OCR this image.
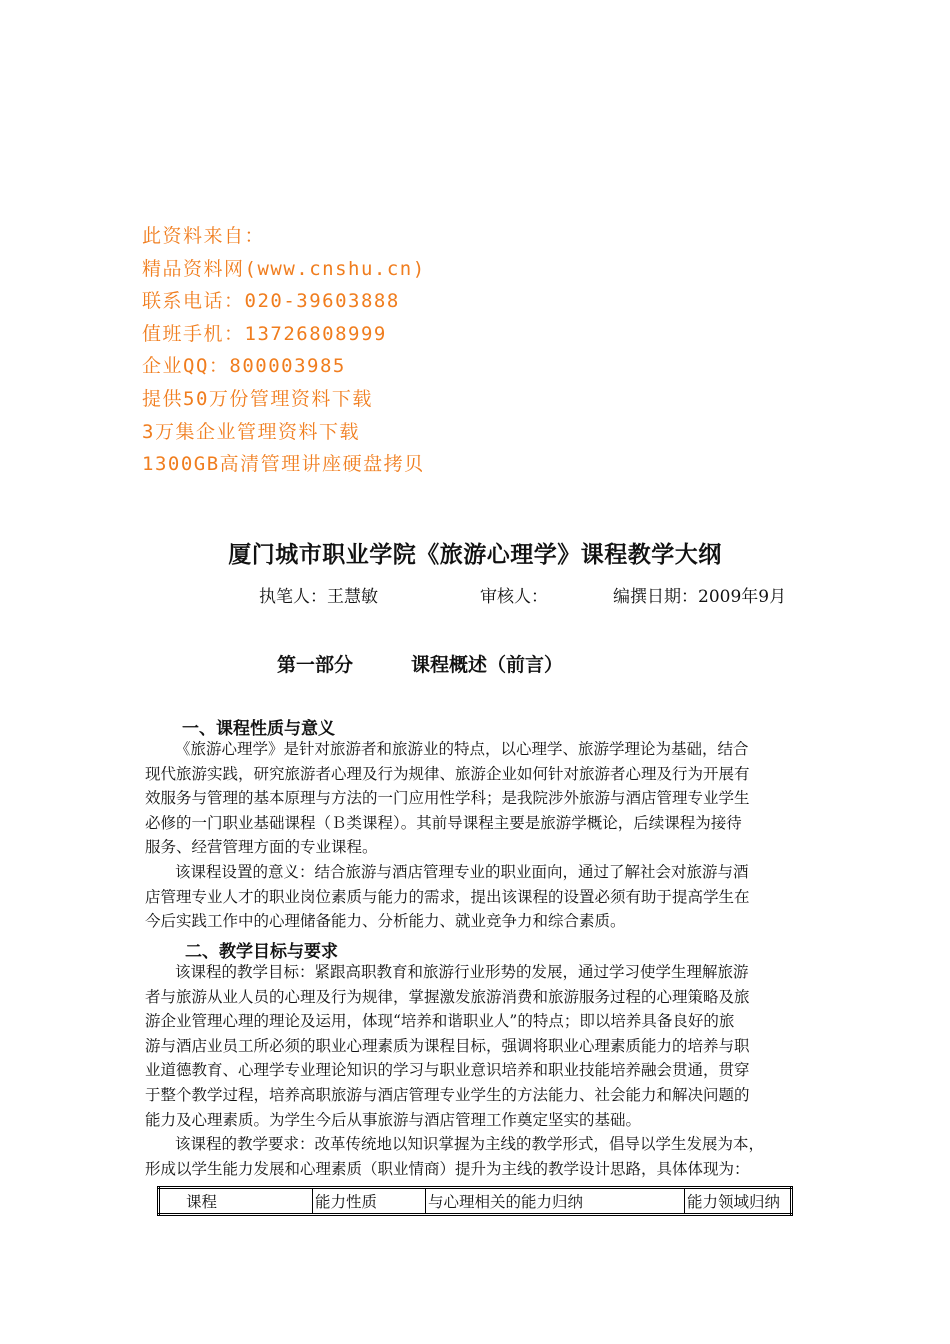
此资料来自：
精品资料网(www.cnshu.cn)
联系电话：020-39603888
值班手机：13726808999
企业QQ：800003985
提供50万份管理资料下载
3万集企业管理资料下载
1300GB高清管理讲座硬盘拷贝
厦门城市职业学院《旅游心理学》课程教学大纲
执笔人：王慧敏	审核人：	编撰日期：2009年9月
第一部分	课程概述（前言）
一、课程性质与意义
《旅游心理学》是针对旅游者和旅游业的特点，以心理学、旅游学理论为基础，结合
现代旅游实践，研究旅游者心理及行为规律、旅游企业如何针对旅游者心理及行为开展有
效服务与管理的基本原理与方法的一门应用性学科；是我院涉外旅游与酒店管理专业学生
必修的一门职业基础课程（Ｂ类课程）。其前导课程主要是旅游学概论，后续课程为接待
服务、经营管理方面的专业课程。
该课程设置的意义：结合旅游与酒店管理专业的职业面向，通过了解社会对旅游与酒
店管理专业人才的职业岗位素质与能力的需求，提出该课程的设置必须有助于提高学生在
今后实践工作中的心理储备能力、分析能力、就业竞争力和综合素质。
二、教学目标与要求
该课程的教学目标：紧跟高职教育和旅游行业形势的发展，通过学习使学生理解旅游
者与旅游从业人员的心理及行为规律，掌握激发旅游消费和旅游服务过程的心理策略及旅
游企业管理心理的理论及运用，体现“培养和谐职业人”的特点；即以培养具备良好的旅
游与酒店业员工所必须的职业心理素质为课程目标，强调将职业心理素质能力的培养与职
业道德教育、心理学专业理论知识的学习与职业意识培养和职业技能培养融会贯通，贯穿
于整个教学过程，培养高职旅游与酒店管理专业学生的方法能力、社会能力和解决问题的
能力及心理素质。为学生今后从事旅游与酒店管理工作奠定坚实的基础。
该课程的教学要求：改革传统地以知识掌握为主线的教学形式，倡导以学生发展为本，
形成以学生能力发展和心理素质（职业情商）提升为主线的教学设计思路，具体体现为：
课程	能力性质	与心理相关的能力归纳	能力领域归纳
